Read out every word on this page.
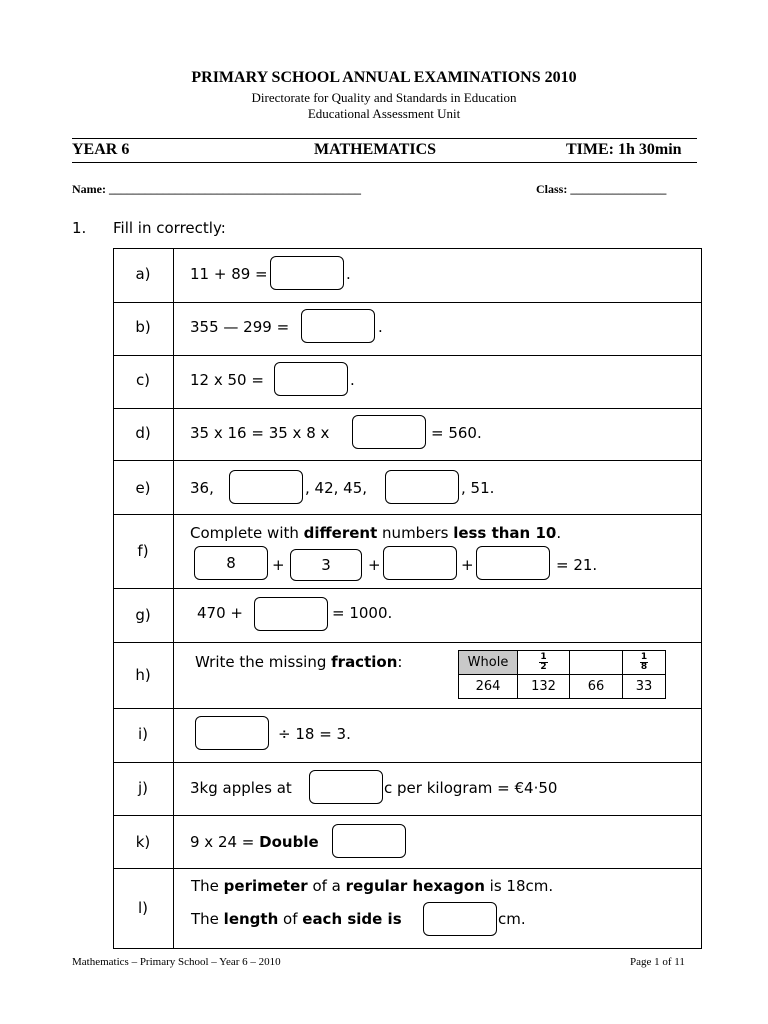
PRIMARY SCHOOL ANNUAL EXAMINATIONS 2010
Directorate for Quality and Standards in Education
Educational Assessment Unit
YEAR 6	MATHEMATICS	TIME: 1h 30min
Name: __________________________________________	Class: ________________
1. Fill in correctly:
a)	11 + 89 =	.
b)	355 — 299 =	.
c)	12 x 50 =	.
d)	35 x 16 = 35 x 8 x	= 560.
e)	36,	, 42, 45,	, 51.
f)
Complete with different numbers less than 10.
8	+	3	+	+	= 21.
g)	470 +	= 1000.
h)
Write the missing fraction:	Whole	$\frac{1}{2}$		$\frac{1}{8}$

264	132	66	33
i)	÷ 18 = 3.
j)	3kg apples at	c per kilogram = €4·50
k)	9 x 24 = Double
l)
The perimeter of a regular hexagon is 18cm.
The length of each side is	cm.
Mathematics – Primary School – Year 6 – 2010	Page 1 of 11
